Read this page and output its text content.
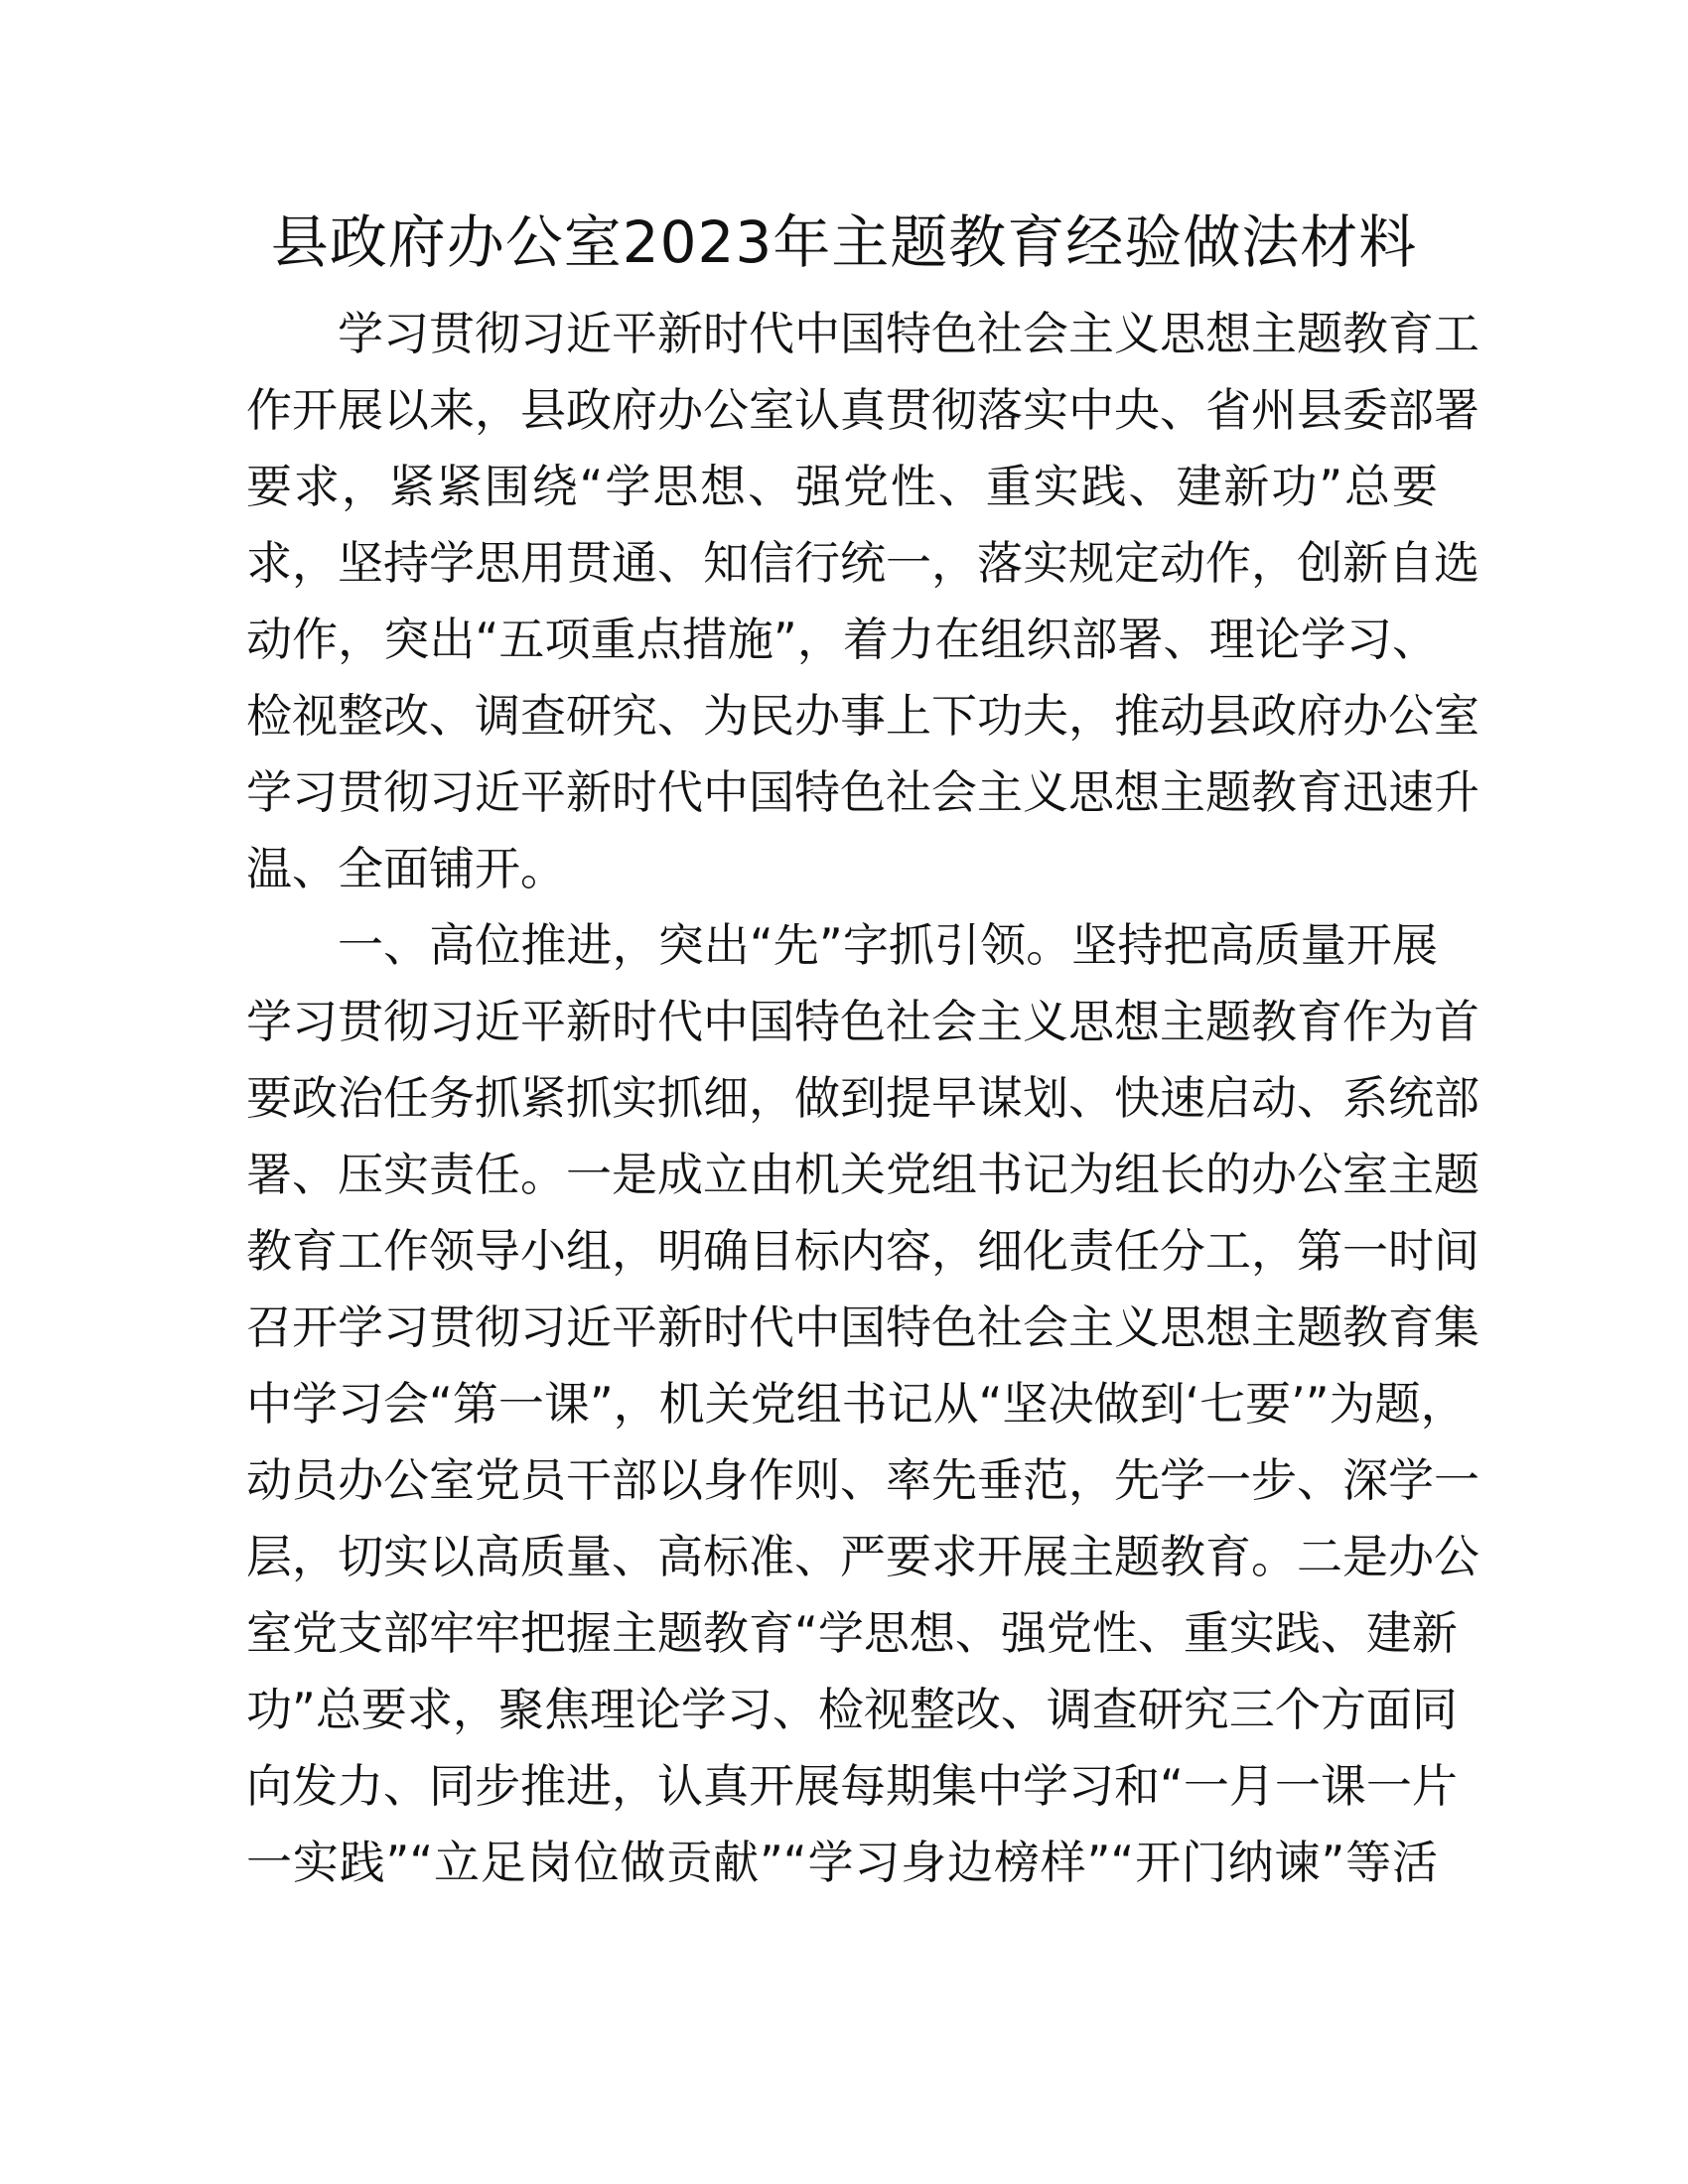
县政府办公室2023年主题教育经验做法材料
学习贯彻习近平新时代中国特色社会主义思想主题教育工
作开展以来，县政府办公室认真贯彻落实中央、省州县委部署
要求，紧紧围绕“学思想、强党性、重实践、建新功”总要
求，坚持学思用贯通、知信行统一，落实规定动作，创新自选
动作，突出“五项重点措施”，着力在组织部署、理论学习、
检视整改、调查研究、为民办事上下功夫，推动县政府办公室
学习贯彻习近平新时代中国特色社会主义思想主题教育迅速升
温、全面铺开。
一、高位推进，突出“先”字抓引领。坚持把高质量开展
学习贯彻习近平新时代中国特色社会主义思想主题教育作为首
要政治任务抓紧抓实抓细，做到提早谋划、快速启动、系统部
署、压实责任。一是成立由机关党组书记为组长的办公室主题
教育工作领导小组，明确目标内容，细化责任分工，第一时间
召开学习贯彻习近平新时代中国特色社会主义思想主题教育集
中学习会“第一课”，机关党组书记从“坚决做到‘七要’”为题，
动员办公室党员干部以身作则、率先垂范，先学一步、深学一
层，切实以高质量、高标准、严要求开展主题教育。二是办公
室党支部牢牢把握主题教育“学思想、强党性、重实践、建新
功”总要求，聚焦理论学习、检视整改、调查研究三个方面同
向发力、同步推进，认真开展每期集中学习和“一月一课一片
一实践”“立足岗位做贡献”“学习身边榜样”“开门纳谏”等活
